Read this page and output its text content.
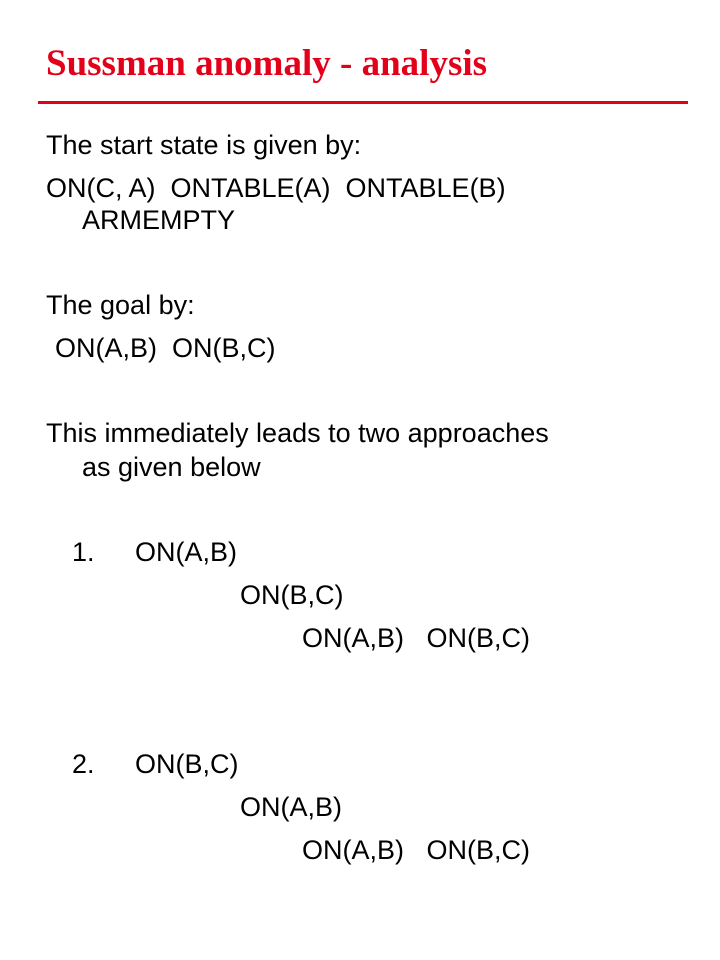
Sussman anomaly - analysis
The start state is given by:
ON(C, A)  ONTABLE(A)  ONTABLE(B)
ARMEMPTY
The goal by:
ON(A,B)  ON(B,C)
This immediately leads to two approaches
as given below
1. ON(A,B)
ON(B,C)
ON(A,B)   ON(B,C)
2. ON(B,C)
ON(A,B)
ON(A,B)   ON(B,C)
